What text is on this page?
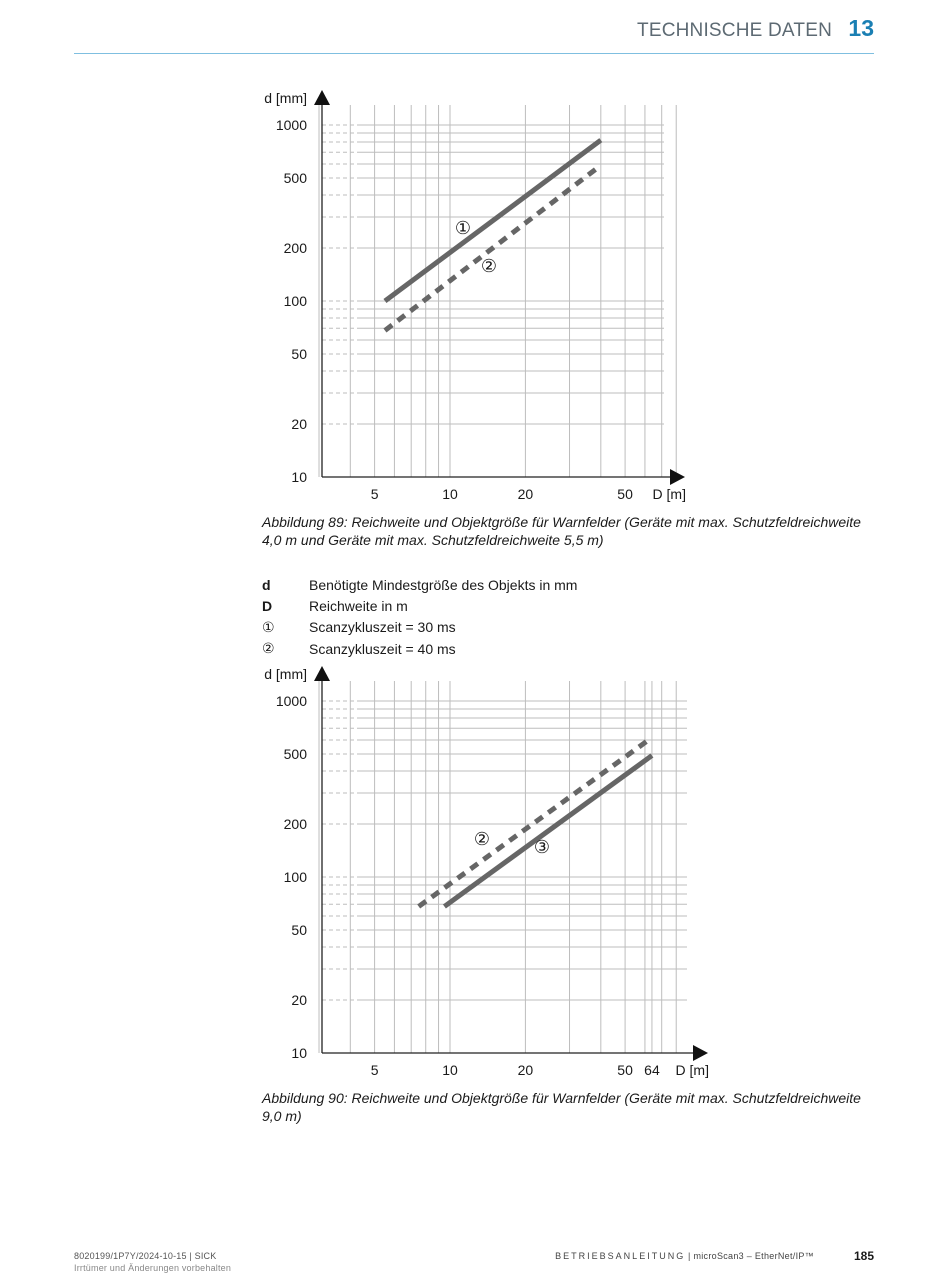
TECHNISCHE DATEN 13
1000
500
200
100
50
20
10
5	10	20	50
d [mm]
D [m]
①
②
Abbildung 89: Reichweite und Objektgröße für Warnfelder (Geräte mit max. Schutzfeldreichweite 4,0 m und Geräte mit max. Schutzfeldreichweite 5,5 m)
d	Benötigte Mindestgröße des Objekts in mm
D	Reichweite in m
①	Scanzykluszeit = 30 ms
②	Scanzykluszeit = 40 ms
1000
500
200
100
50
20
10
5	10	20	50 64
d [mm]
D [m]
② ③
Abbildung 90: Reichweite und Objektgröße für Warnfelder (Geräte mit max. Schutzfeldreichweite 9,0 m)
8020199/1P7Y/2024-10-15 | SICK
Irrtümer und Änderungen vorbehalten
BETRIEBSANLEITUNG | microScan3 – EtherNet/IP™	185
